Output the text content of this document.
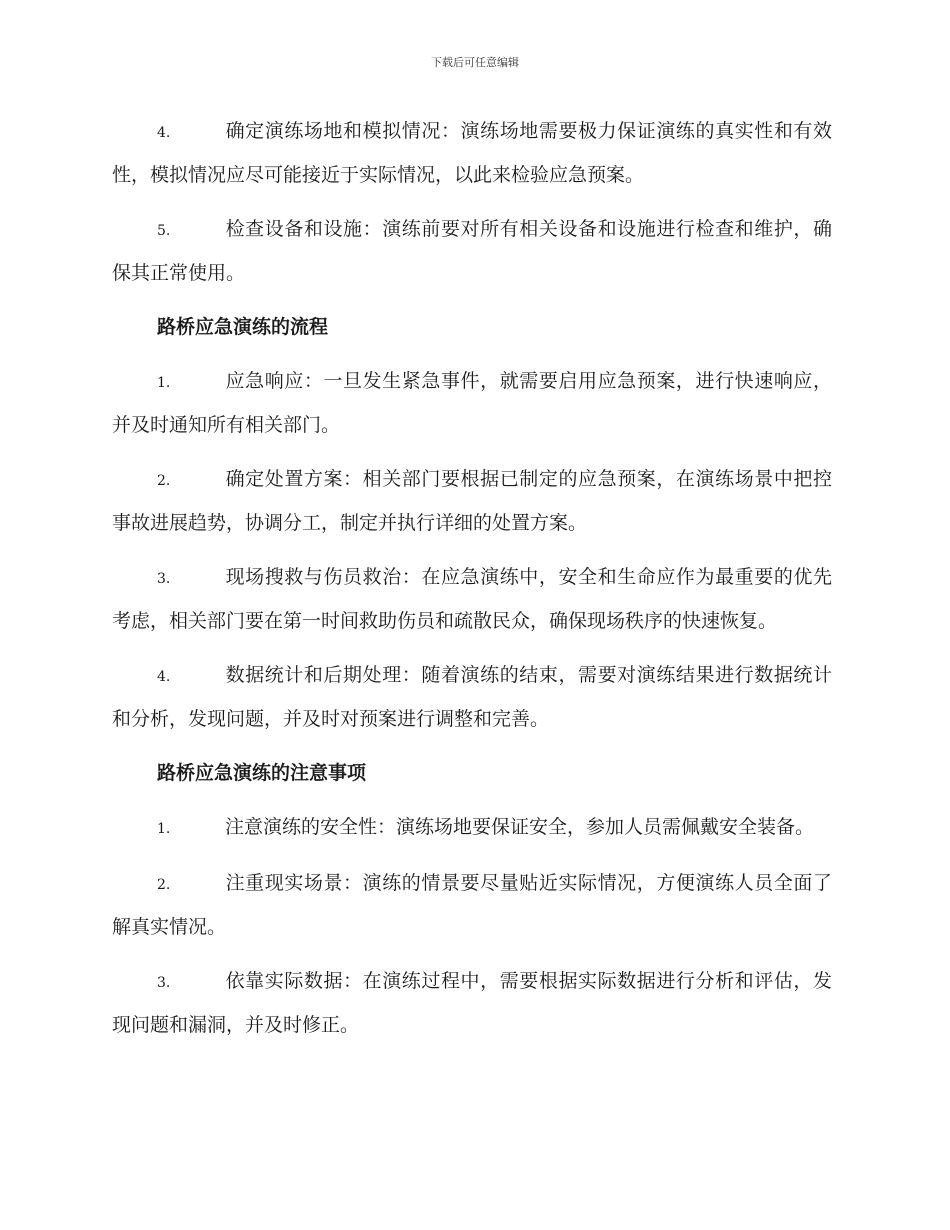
下载后可任意编辑
4.	确定演练场地和模拟情况：演练场地需要极力保证演练的真实性和有效性，模拟情况应尽可能接近于实际情况，以此来检验应急预案。
5.	检查设备和设施：演练前要对所有相关设备和设施进行检查和维护，确保其正常使用。
路桥应急演练的流程
1.	应急响应：一旦发生紧急事件，就需要启用应急预案，进行快速响应，并及时通知所有相关部门。
2.	确定处置方案：相关部门要根据已制定的应急预案，在演练场景中把控事故进展趋势，协调分工，制定并执行详细的处置方案。
3.	现场搜救与伤员救治：在应急演练中，安全和生命应作为最重要的优先考虑，相关部门要在第一时间救助伤员和疏散民众，确保现场秩序的快速恢复。
4.	数据统计和后期处理：随着演练的结束，需要对演练结果进行数据统计和分析，发现问题，并及时对预案进行调整和完善。
路桥应急演练的注意事项
1.	注意演练的安全性：演练场地要保证安全，参加人员需佩戴安全装备。
2.	注重现实场景：演练的情景要尽量贴近实际情况，方便演练人员全面了解真实情况。
3.	依靠实际数据：在演练过程中，需要根据实际数据进行分析和评估，发现问题和漏洞，并及时修正。
